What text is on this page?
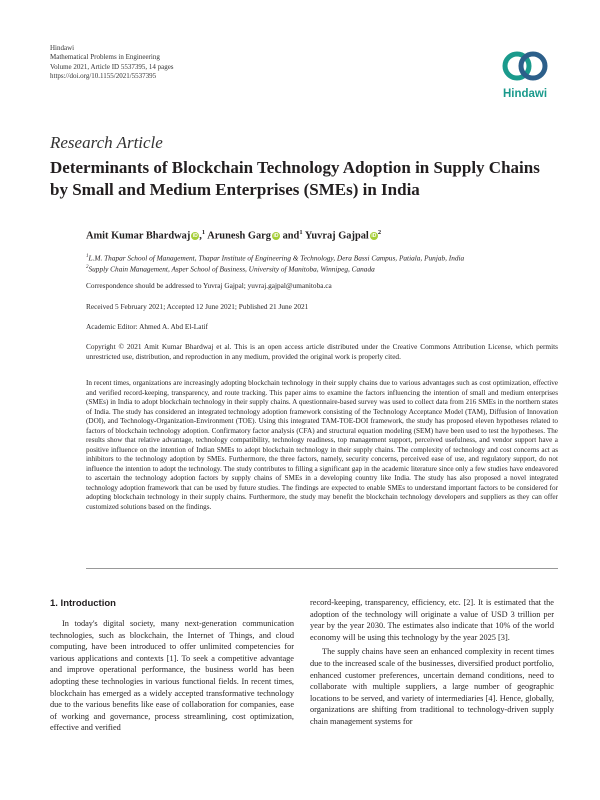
Hindawi
Mathematical Problems in Engineering
Volume 2021, Article ID 5537395, 14 pages
https://doi.org/10.1155/2021/5537395
Hindawi
Research Article
Determinants of Blockchain Technology Adoption in Supply Chains by Small and Medium Enterprises (SMEs) in India
Amit Kumar Bhardwaj iD ,$^1$ Arunesh Garg iD and$^1$ Yuvraj Gajpal $iD^2$
$^1$L.M. Thapar School of Management, Thapar Institute of Engineering & Technology, Dera Bassi Campus, Patiala, Punjab, India
$^2$Supply Chain Management, Asper School of Business, University of Manitoba, Winnipeg, Canada
Correspondence should be addressed to Yuvraj Gajpal; yuvraj.gajpal@umanitoba.ca
Received 5 February 2021; Accepted 12 June 2021; Published 21 June 2021
Academic Editor: Ahmed A. Abd El-Latif
Copyright © 2021 Amit Kumar Bhardwaj et al. This is an open access article distributed under the Creative Commons Attribution License, which permits unrestricted use, distribution, and reproduction in any medium, provided the original work is properly cited.
In recent times, organizations are increasingly adopting blockchain technology in their supply chains due to various advantages such as cost optimization, effective and verified record-keeping, transparency, and route tracking. This paper aims to examine the factors influencing the intention of small and medium enterprises (SMEs) in India to adopt blockchain technology in their supply chains. A questionnaire-based survey was used to collect data from 216 SMEs in the northern states of India. The study has considered an integrated technology adoption framework consisting of the Technology Acceptance Model (TAM), Diffusion of Innovation (DOI), and Technology-Organization-Environment (TOE). Using this integrated TAM-TOE-DOI framework, the study has proposed eleven hypotheses related to factors of blockchain technology adoption. Confirmatory factor analysis (CFA) and structural equation modeling (SEM) have been used to test the hypotheses. The results show that relative advantage, technology compatibility, technology readiness, top management support, perceived usefulness, and vendor support have a positive influence on the intention of Indian SMEs to adopt blockchain technology in their supply chains. The complexity of technology and cost concerns act as inhibitors to the technology adoption by SMEs. Furthermore, the three factors, namely, security concerns, perceived ease of use, and regulatory support, do not influence the intention to adopt the technology. The study contributes to filling a significant gap in the academic literature since only a few studies have endeavored to ascertain the technology adoption factors by supply chains of SMEs in a developing country like India. The study has also proposed a novel integrated technology adoption framework that can be used by future studies. The findings are expected to enable SMEs to understand important factors to be considered for adopting blockchain technology in their supply chains. Furthermore, the study may benefit the blockchain technology developers and suppliers as they can offer customized solutions based on the findings.
1. Introduction

In today's digital society, many next-generation communication technologies, such as blockchain, the Internet of Things, and cloud computing, have been introduced to offer unlimited competencies for various applications and contexts [1]. To seek a competitive advantage and improve operational performance, the business world has been adopting these technologies in various functional fields. In recent times, blockchain has emerged as a widely accepted transformative technology due to the various benefits like ease of collaboration for companies, ease of working and governance, process streamlining, cost optimization, effective and verified

record-keeping, transparency, efficiency, etc. [2]. It is estimated that the adoption of the technology will originate a value of USD 3 trillion per year by the year 2030. The estimates also indicate that 10% of the world economy will be using this technology by the year 2025 [3].

The supply chains have seen an enhanced complexity in recent times due to the increased scale of the businesses, diversified product portfolio, enhanced customer preferences, uncertain demand conditions, need to collaborate with multiple suppliers, a large number of geographic locations to be served, and variety of intermediaries [4]. Hence, globally, organizations are shifting from traditional to technology-driven supply chain management systems for
